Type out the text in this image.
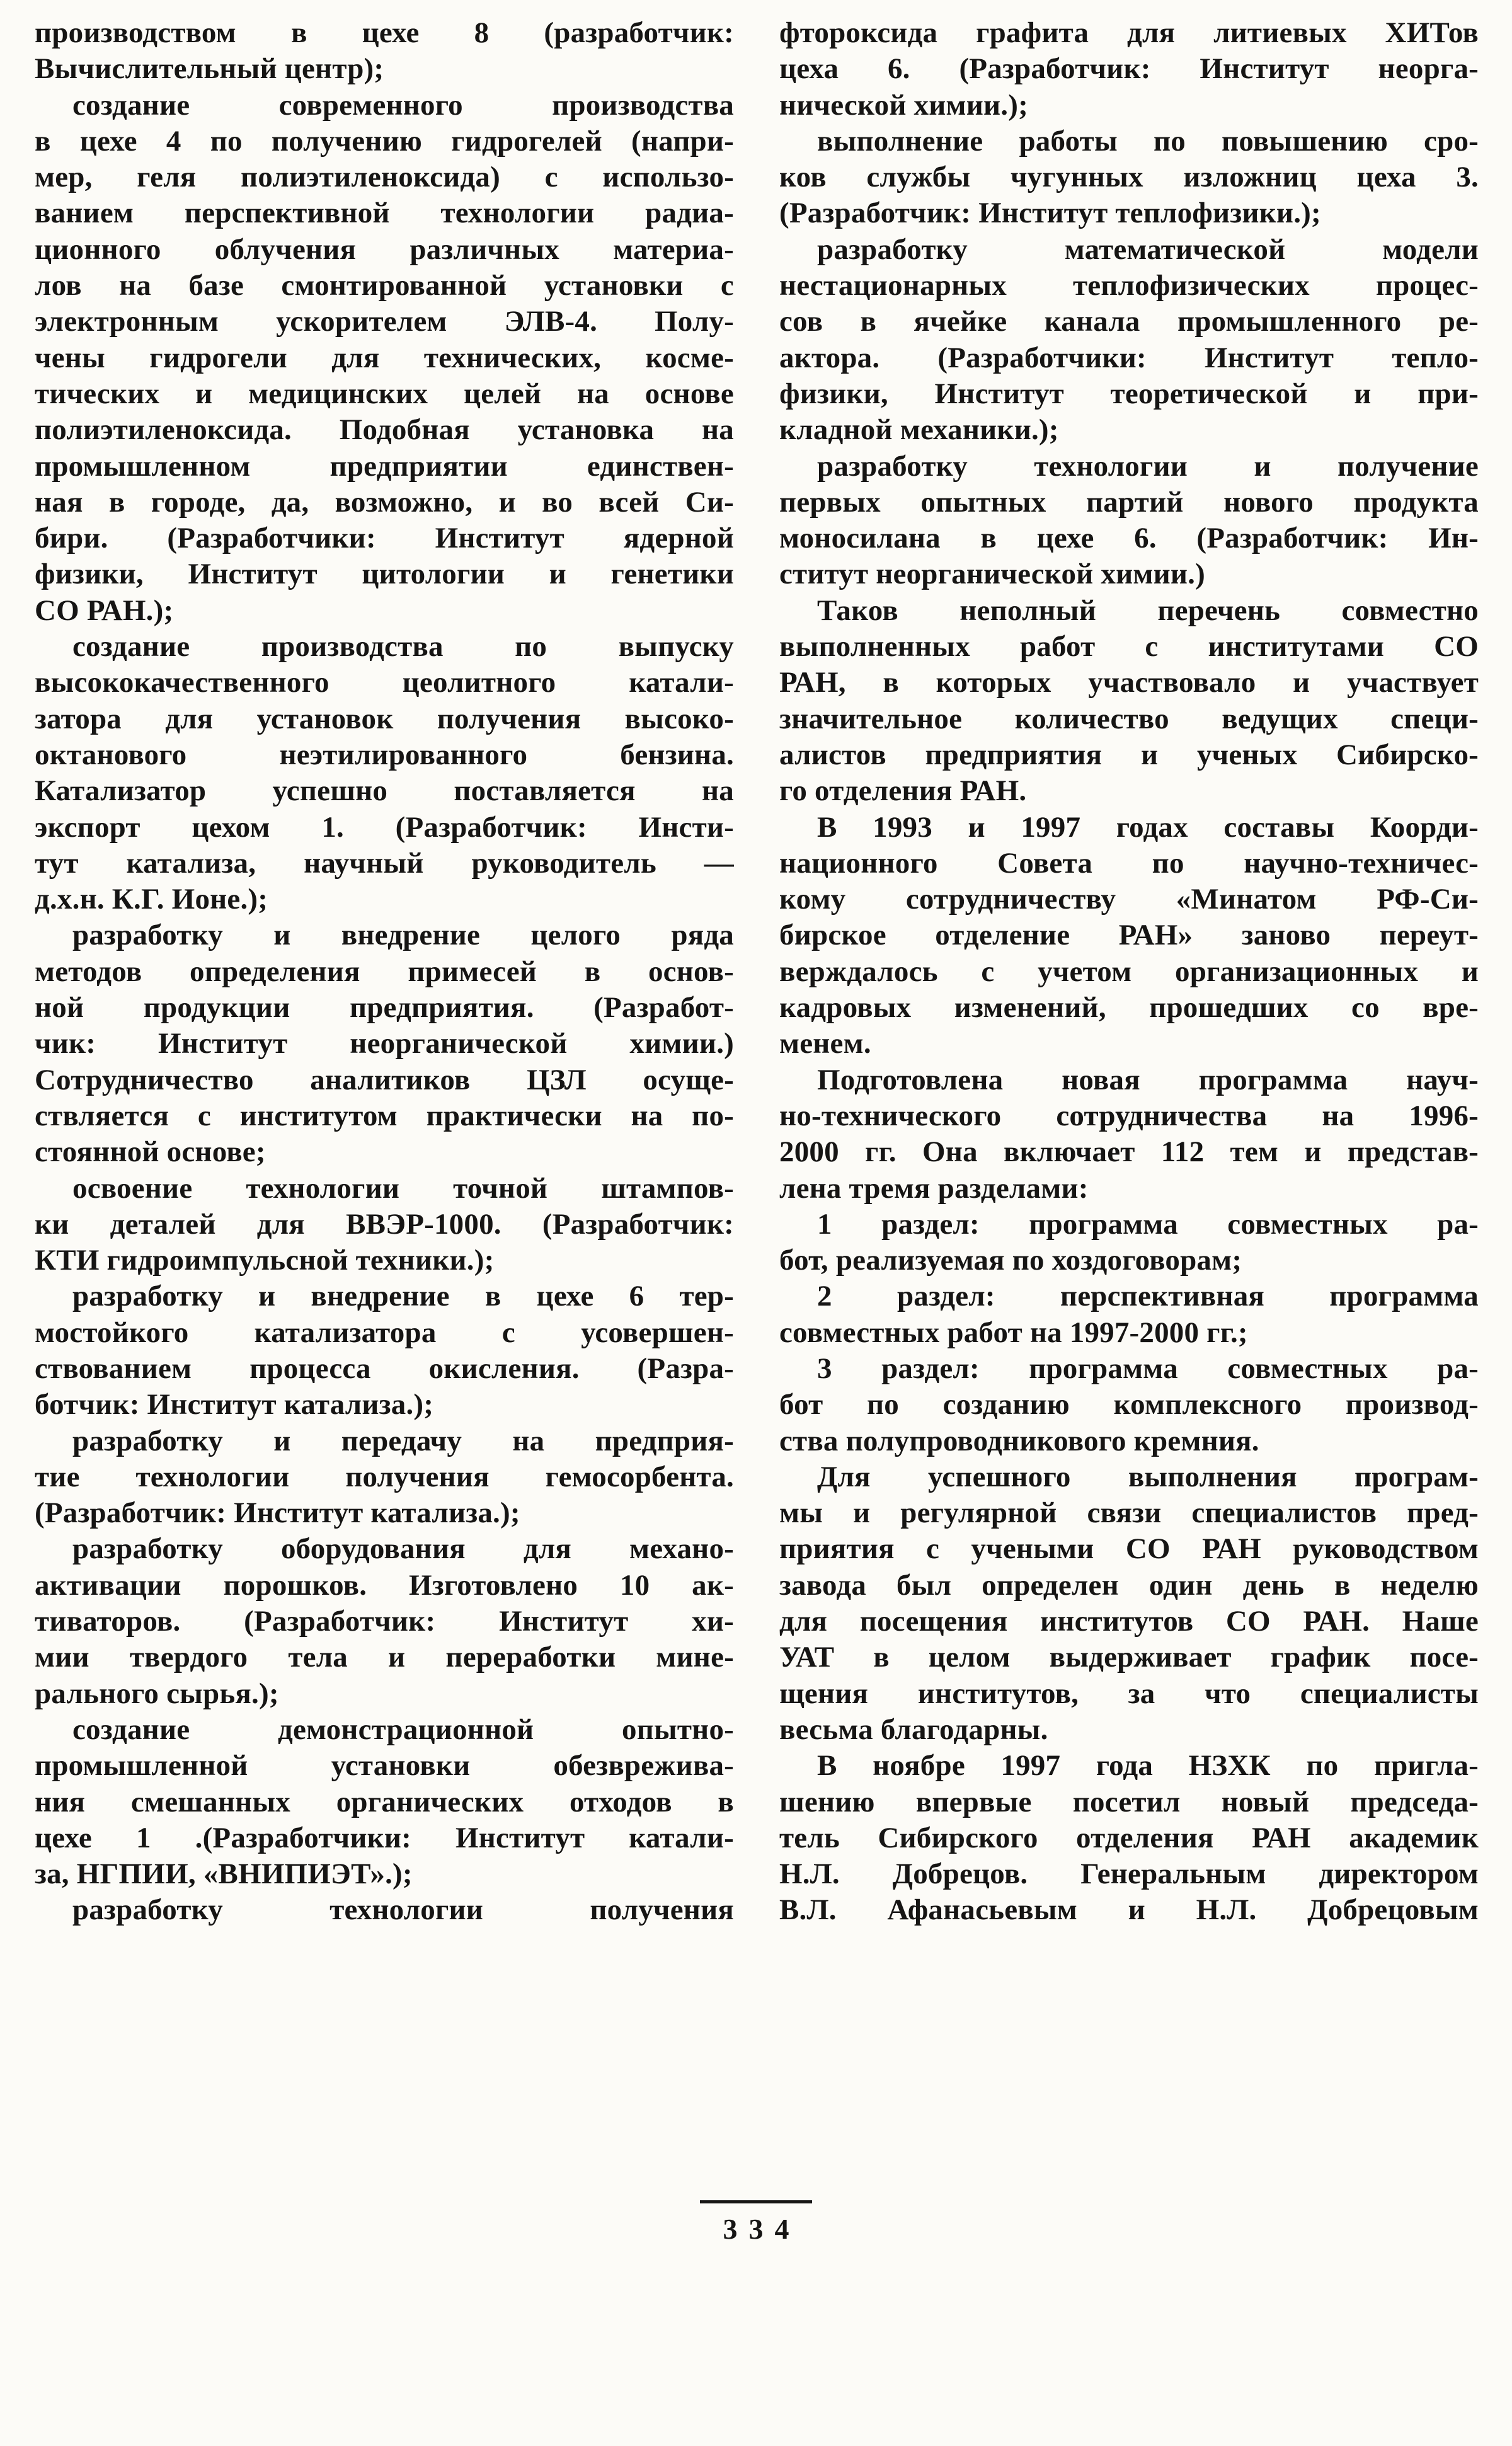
производством в цехе 8 (разработчик:
Вычислительный центр);
создание современного производства
в цехе 4 по получению гидрогелей (напри-
мер, геля полиэтиленоксида) с использо-
ванием перспективной технологии радиа-
ционного облучения различных материа-
лов на базе смонтированной установки с
электронным ускорителем ЭЛВ-4. Полу-
чены гидрогели для технических, косме-
тических и медицинских целей на основе
полиэтиленоксида. Подобная установка на
промышленном предприятии единствен-
ная в городе, да, возможно, и во всей Си-
бири. (Разработчики: Институт ядерной
физики, Институт цитологии и генетики
СО РАН.);
создание производства по выпуску
высококачественного цеолитного катали-
затора для установок получения высоко-
октанового неэтилированного бензина.
Катализатор успешно поставляется на
экспорт цехом 1. (Разработчик: Инсти-
тут катализа, научный руководитель —
д.х.н. К.Г. Ионе.);
разработку и внедрение целого ряда
методов определения примесей в основ-
ной продукции предприятия. (Разработ-
чик: Институт неорганической химии.)
Сотрудничество аналитиков ЦЗЛ осуще-
ствляется с институтом практически на по-
стоянной основе;
освоение технологии точной штампов-
ки деталей для ВВЭР-1000. (Разработчик:
КТИ гидроимпульсной техники.);
разработку и внедрение в цехе 6 тер-
мостойкого катализатора с усовершен-
ствованием процесса окисления. (Разра-
ботчик: Институт катализа.);
разработку и передачу на предприя-
тие технологии получения гемосорбента.
(Разработчик: Институт катализа.);
разработку оборудования для механо-
активации порошков. Изготовлено 10 ак-
тиваторов. (Разработчик: Институт хи-
мии твердого тела и переработки мине-
рального сырья.);
создание демонстрационной опытно-
промышленной установки обезврежива-
ния смешанных органических отходов в
цехе 1 .(Разработчики: Институт катали-
за, НГПИИ, «ВНИПИЭТ».);
разработку технологии получения
фтороксида графита для литиевых ХИТов
цеха 6. (Разработчик: Институт неорга-
нической химии.);
выполнение работы по повышению сро-
ков службы чугунных изложниц цеха 3.
(Разработчик: Институт теплофизики.);
разработку математической модели
нестационарных теплофизических процес-
сов в ячейке канала промышленного ре-
актора. (Разработчики: Институт тепло-
физики, Институт теоретической и при-
кладной механики.);
разработку технологии и получение
первых опытных партий нового продукта
моносилана в цехе 6. (Разработчик: Ин-
ститут неорганической химии.)
Таков неполный перечень совместно
выполненных работ с институтами СО
РАН, в которых участвовало и участвует
значительное количество ведущих специ-
алистов предприятия и ученых Сибирско-
го отделения РАН.
В 1993 и 1997 годах составы Коорди-
национного Совета по научно-техничес-
кому сотрудничеству «Минатом РФ-Си-
бирское отделение РАН» заново переут-
верждалось с учетом организационных и
кадровых изменений, прошедших со вре-
менем.
Подготовлена новая программа науч-
но-технического сотрудничества на 1996-
2000 гг. Она включает 112 тем и представ-
лена тремя разделами:
1 раздел: программа совместных ра-
бот, реализуемая по хоздоговорам;
2 раздел: перспективная программа
совместных работ на 1997-2000 гг.;
3 раздел: программа совместных ра-
бот по созданию комплексного производ-
ства полупроводникового кремния.
Для успешного выполнения програм-
мы и регулярной связи специалистов пред-
приятия с учеными СО РАН руководством
завода был определен один день в неделю
для посещения институтов СО РАН. Наше
УАТ в целом выдерживает график посе-
щения институтов, за что специалисты
весьма благодарны.
В ноябре 1997 года НЗХК по пригла-
шению впервые посетил новый председа-
тель Сибирского отделения РАН академик
Н.Л. Добрецов. Генеральным директором
В.Л. Афанасьевым и Н.Л. Добрецовым
334
